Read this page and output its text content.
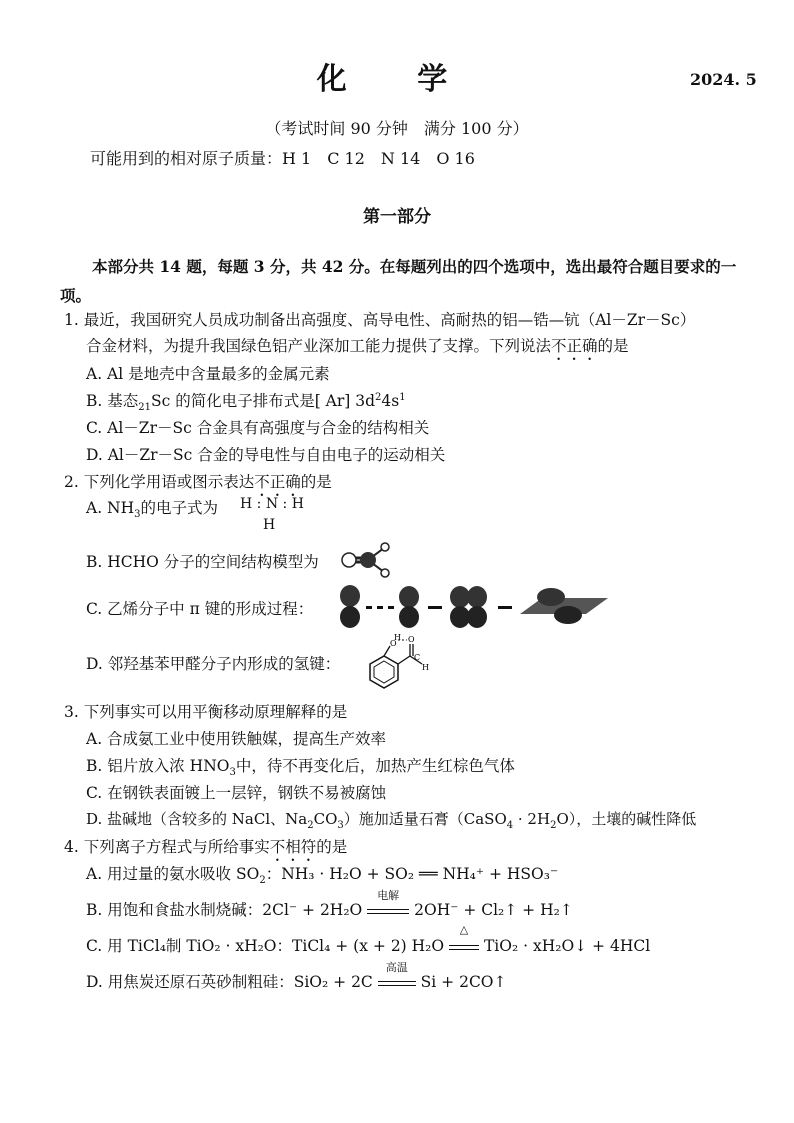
化 学	2024. 5
（考试时间 90 分钟　满分 100 分）
可能用到的相对原子质量：H 1　C 12　N 14　O 16
第一部分
本部分共 14 题，每题 3 分，共 42 分。在每题列出的四个选项中，选出最符合题目要求的一项。
1. 最近，我国研究人员成功制备出高强度、高导电性、高耐热的铝—锆—钪（Al－Zr－Sc）
合金材料，为提升我国绿色铝产业深加工能力提供了支撑。下列说法不正确的是
A. Al 是地壳中含量最多的金属元素
B. 基态$_{21}$Sc 的简化电子排布式是[ Ar] $3d^24s^1$
C. Al－Zr－Sc 合金具有高强度与合金的结构相关
D. Al－Zr－Sc 合金的导电性与自由电子的运动相关
2. 下列化学用语或图示表达不正确的是
A. $NH_3$的电子式为 H : N : H
H
B. HCHO 分子的空间结构模型为
C. 乙烯分子中 π 键的形成过程：
D. 邻羟基苯甲醛分子内形成的氢键：
O
H
C
O
H
3. 下列事实可以用平衡移动原理解释的是
A. 合成氨工业中使用铁触媒，提高生产效率
B. 铝片放入浓 $HNO_3$中，待不再变化后，加热产生红棕色气体
C. 在钢铁表面镀上一层锌，钢铁不易被腐蚀
D. 盐碱地（含较多的 NaCl、$Na_2CO_3$）施加适量石膏（CaSO$_4$ · $2H_2O$），土壤的碱性降低
4. 下列离子方程式与所给事实不相符的是
A. 用过量的氨水吸收 $SO_2$：NH₃ · H₂O + SO₂ ══ NH₄⁺ + HSO₃⁻
B. 用饱和食盐水制烧碱：2Cl⁻ + 2H₂O
电解
2OH⁻ + Cl₂↑ + H₂↑
C. 用 TiCl₄制 TiO₂ · xH₂O：TiCl₄ + (x + 2) H₂O
△
TiO₂ · xH₂O↓ + 4HCl
D. 用焦炭还原石英砂制粗硅：SiO₂ + 2C
高温
Si + 2CO↑
